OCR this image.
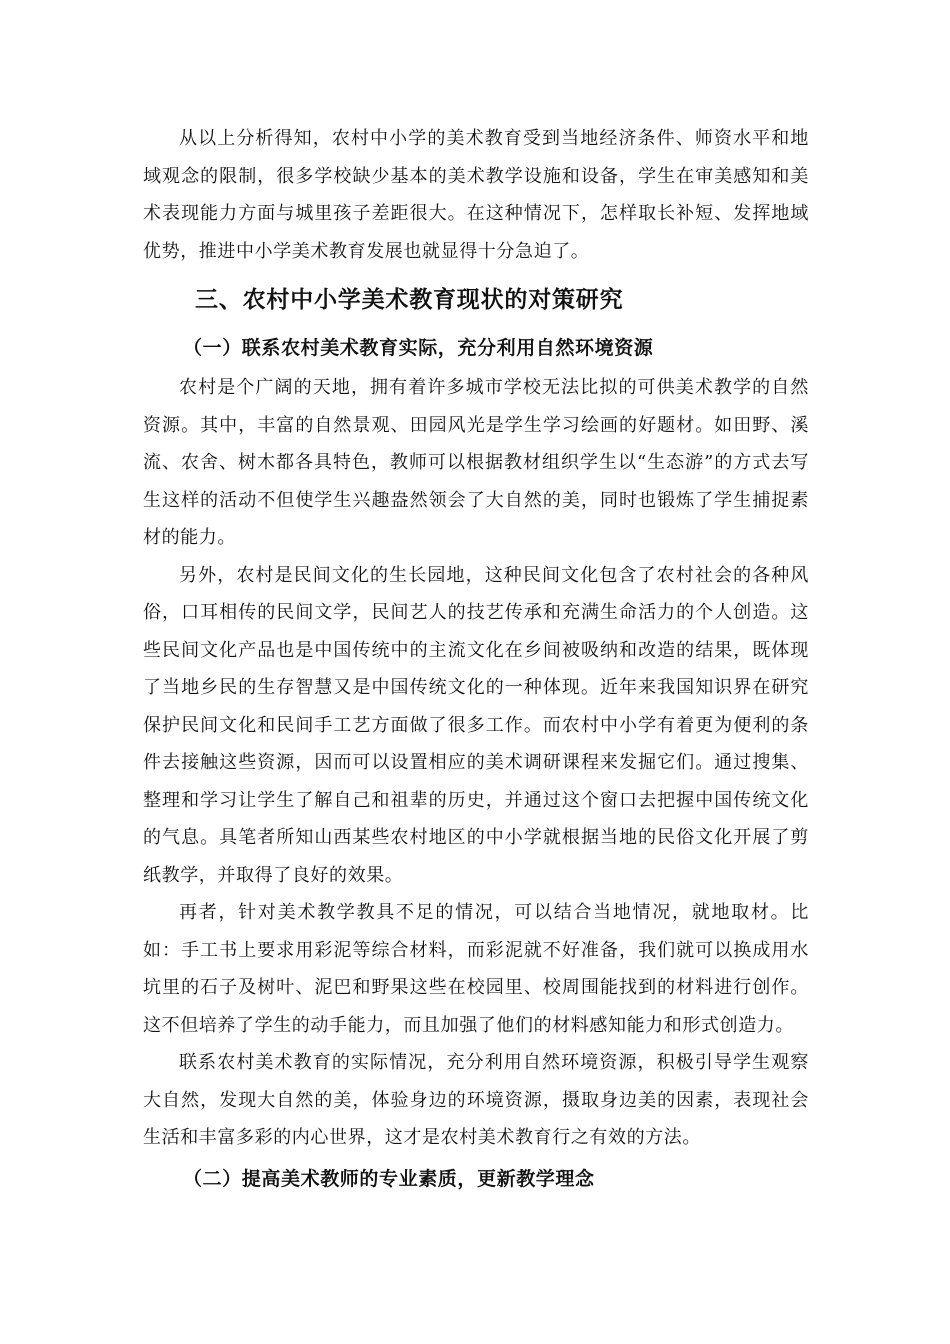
从以上分析得知，农村中小学的美术教育受到当地经济条件、师资水平和地域观念的限制，很多学校缺少基本的美术教学设施和设备，学生在审美感知和美术表现能力方面与城里孩子差距很大。在这种情况下，怎样取长补短、发挥地域优势，推进中小学美术教育发展也就显得十分急迫了。

三、农村中小学美术教育现状的对策研究
（一）联系农村美术教育实际，充分利用自然环境资源

农村是个广阔的天地，拥有着许多城市学校无法比拟的可供美术教学的自然资源。其中，丰富的自然景观、田园风光是学生学习绘画的好题材。如田野、溪流、农舍、树木都各具特色，教师可以根据教材组织学生以“生态游”的方式去写生这样的活动不但使学生兴趣盎然领会了大自然的美，同时也锻炼了学生捕捉素材的能力。

另外，农村是民间文化的生长园地，这种民间文化包含了农村社会的各种风俗，口耳相传的民间文学，民间艺人的技艺传承和充满生命活力的个人创造。这些民间文化产品也是中国传统中的主流文化在乡间被吸纳和改造的结果，既体现了当地乡民的生存智慧又是中国传统文化的一种体现。近年来我国知识界在研究保护民间文化和民间手工艺方面做了很多工作。而农村中小学有着更为便利的条件去接触这些资源，因而可以设置相应的美术调研课程来发掘它们。通过搜集、整理和学习让学生了解自己和祖辈的历史，并通过这个窗口去把握中国传统文化的气息。具笔者所知山西某些农村地区的中小学就根据当地的民俗文化开展了剪纸教学，并取得了良好的效果。

再者，针对美术教学教具不足的情况，可以结合当地情况，就地取材。比如：手工书上要求用彩泥等综合材料，而彩泥就不好准备，我们就可以换成用水坑里的石子及树叶、泥巴和野果这些在校园里、校周围能找到的材料进行创作。这不但培养了学生的动手能力，而且加强了他们的材料感知能力和形式创造力。

联系农村美术教育的实际情况，充分利用自然环境资源，积极引导学生观察大自然，发现大自然的美，体验身边的环境资源，摄取身边美的因素，表现社会生活和丰富多彩的内心世界，这才是农村美术教育行之有效的方法。

（二）提高美术教师的专业素质，更新教学理念
